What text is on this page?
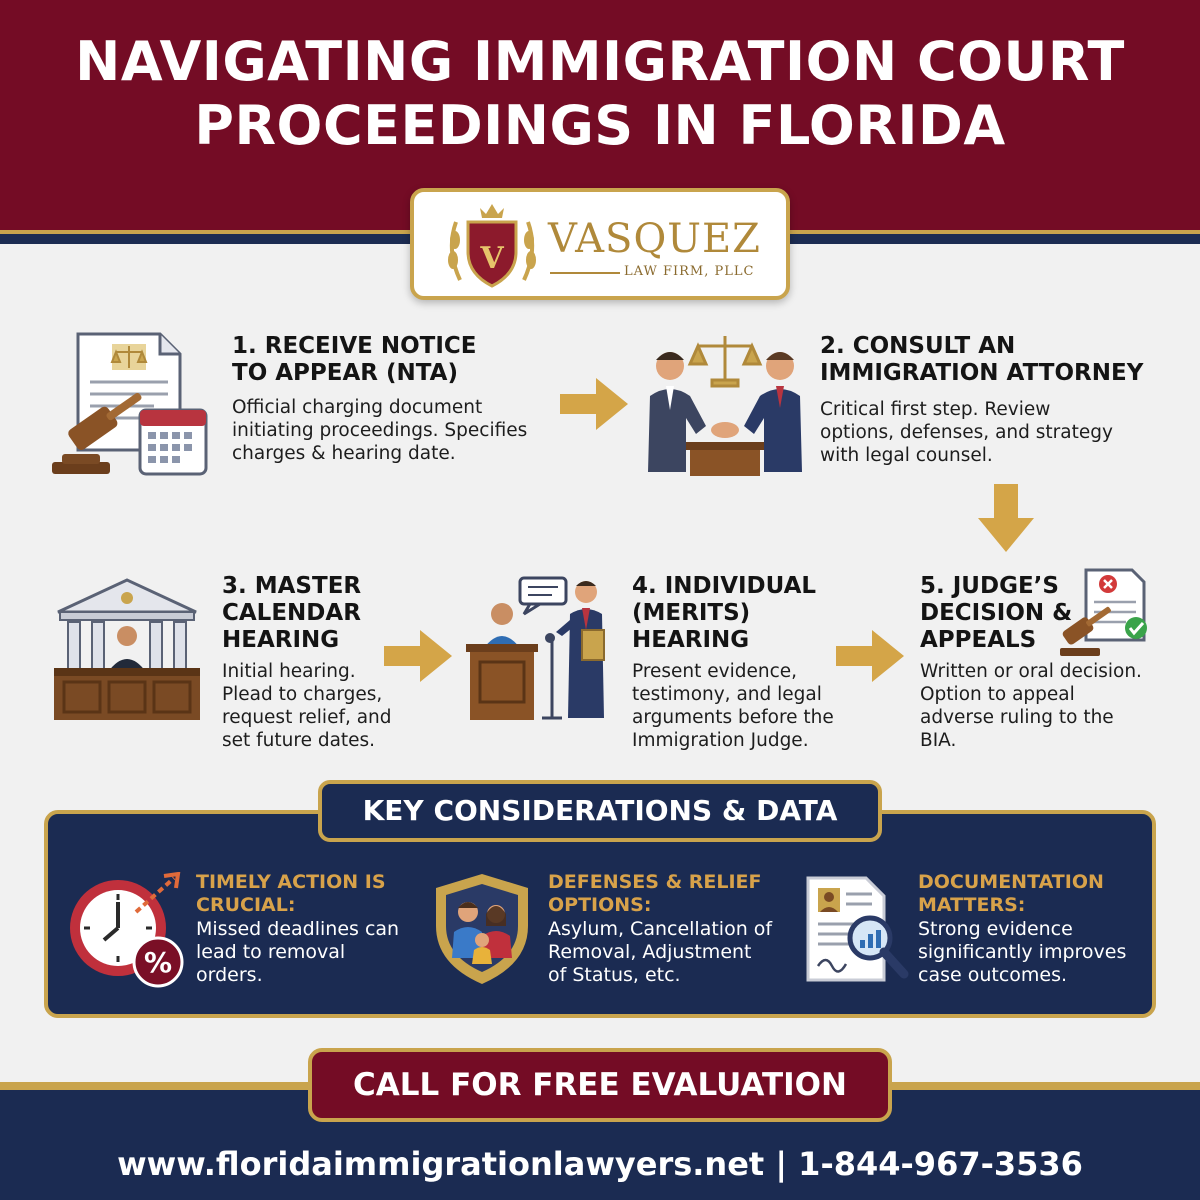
NAVIGATING IMMIGRATION COURT
PROCEEDINGS IN FLORIDA
V VASQUEZ
LAW FIRM, PLLC
1. RECEIVE NOTICE
TO APPEAR (NTA)
Official charging document
initiating proceedings. Specifies
charges & hearing date.
2. CONSULT AN
IMMIGRATION ATTORNEY
Critical first step. Review
options, defenses, and strategy
with legal counsel.
3. MASTER
CALENDAR
HEARING
Initial hearing.
Plead to charges,
request relief, and
set future dates.
4. INDIVIDUAL
(MERITS)
HEARING
Present evidence,
testimony, and legal
arguments before the
Immigration Judge.
5. JUDGE’S
DECISION &
APPEALS
Written or oral decision.
Option to appeal
adverse ruling to the
BIA.
KEY CONSIDERATIONS & DATA
%
TIMELY ACTION IS
CRUCIAL:
Missed deadlines can
lead to removal
orders.
DEFENSES & RELIEF
OPTIONS:
Asylum, Cancellation of
Removal, Adjustment
of Status, etc.
DOCUMENTATION
MATTERS:
Strong evidence
significantly improves
case outcomes.
CALL FOR FREE EVALUATION
www.floridaimmigrationlawyers.net | 1-844-967-3536
